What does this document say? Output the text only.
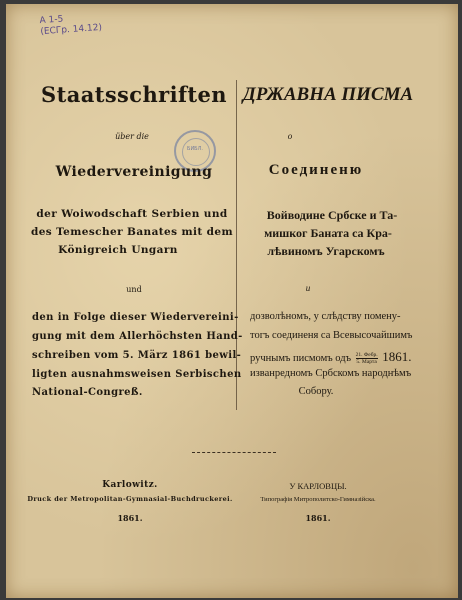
A 1-5
(ЕСГр. 14.12)
БИБЛ.
Staatsschriften
über die
Wiedervereinigung
der Woiwodschaft Serbien und
des Temescher Banates mit dem
Königreich Ungarn
und
den in Folge dieser Wiedervereini-
gung mit dem Allerhöchsten Hand-
schreiben vom 5. März 1861 bewil-
ligten ausnahmsweisen Serbischen
National-Congreß.
ДРЖАВНА ПИСМА
о
Соединеню
Войводине Србске и Та-
мишког Баната са Кра-
лѣвиномъ Угарскомъ
и
дозволѣномъ, у слѣдству помену-
тогъ соединеня са Всевысочайшимъ
ручнымъ писмомъ одъ 21. Фебр.
5. Марта 1861.
изванредномъ Србскомъ народнѣмъ
Собору.
Karlowitz.
Druck der Metropolitan-Gymnasial-Buchdruckerei.
1861.
У КАРЛОВЦЫ.
Типографія Митрополитско-Гимназійска.
1861.
